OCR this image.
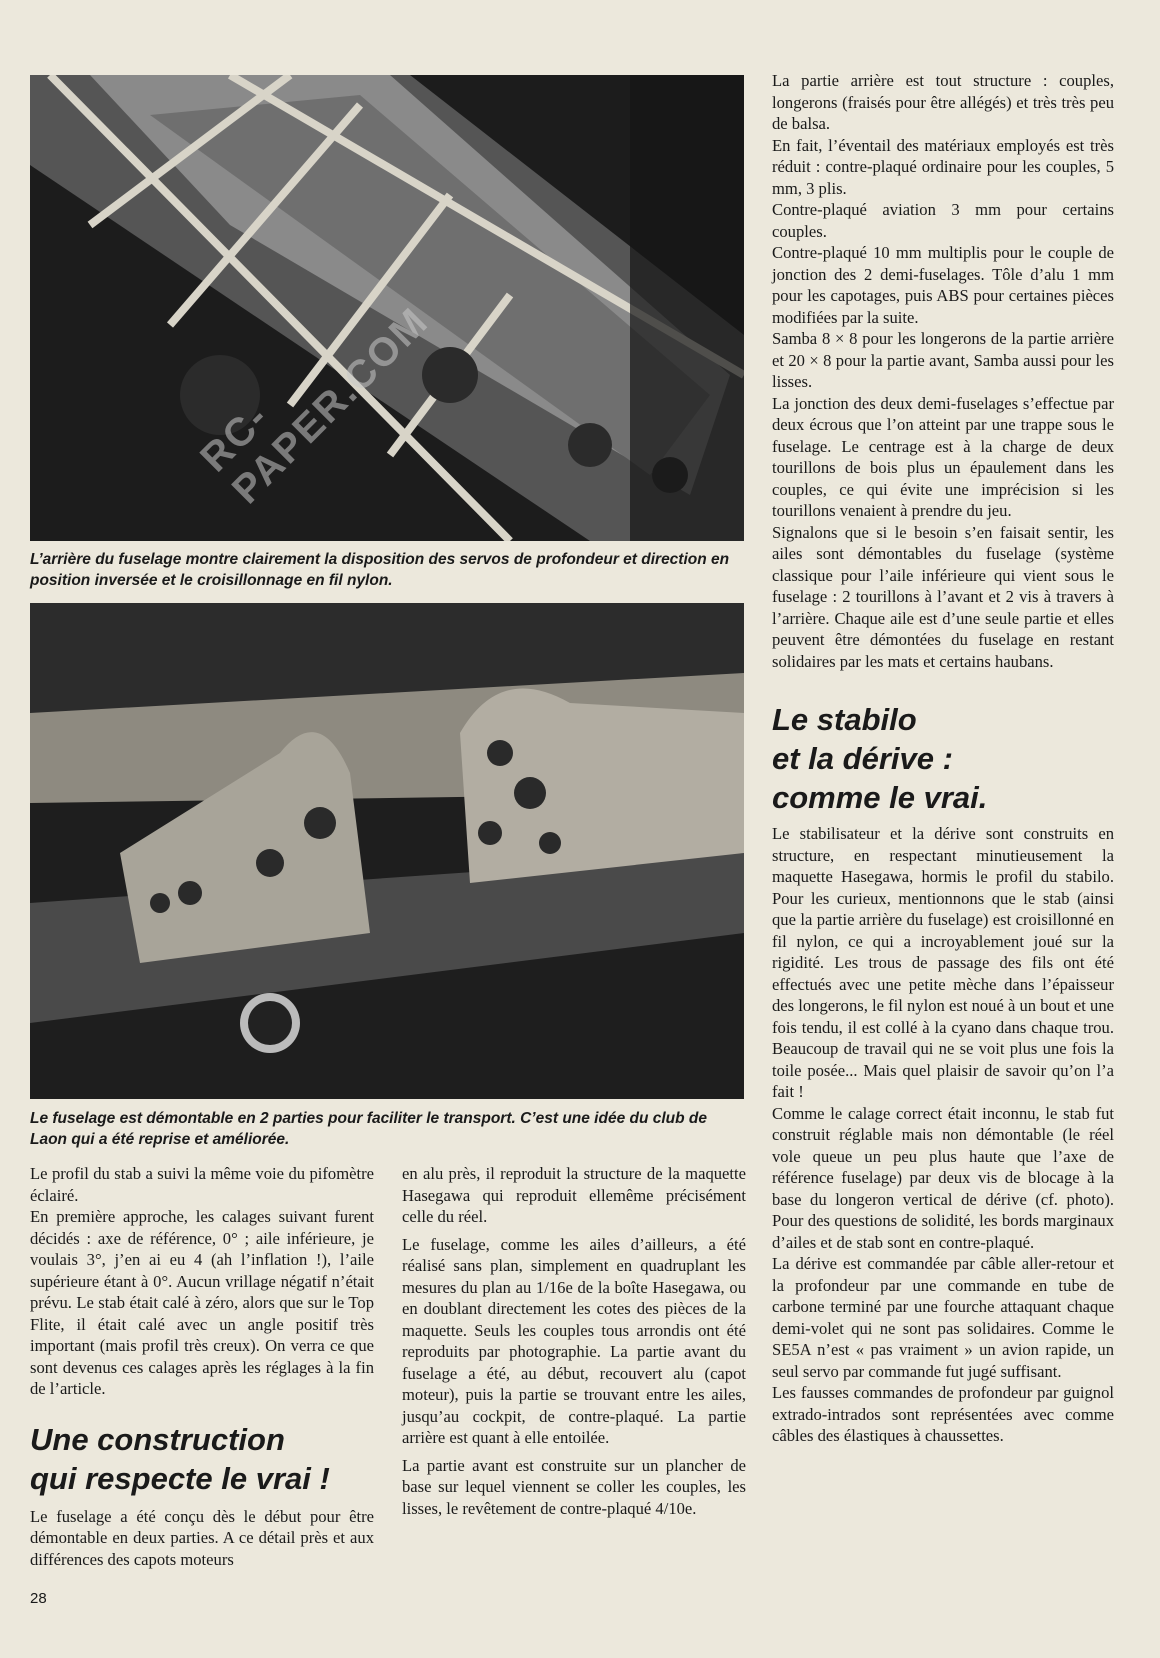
RC-PAPER.COM
L’arrière du fuselage montre clairement la disposition des servos de profondeur et direction en position inversée et le croisillonnage en fil nylon.
Le fuselage est démontable en 2 parties pour faciliter le transport. C’est une idée du club de Laon qui a été reprise et améliorée.

La partie arrière est tout structure : couples, longerons (fraisés pour être allégés) et très très peu de balsa.

En fait, l’éventail des matériaux employés est très réduit : contre-plaqué ordinaire pour les couples, 5 mm, 3 plis.

Contre-plaqué aviation 3 mm pour certains couples.

Contre-plaqué 10 mm multiplis pour le couple de jonction des 2 demi-fuselages. Tôle d’alu 1 mm pour les capotages, puis ABS pour certaines pièces modifiées par la suite.

Samba 8 × 8 pour les longerons de la partie arrière et 20 × 8 pour la partie avant, Samba aussi pour les lisses.

La jonction des deux demi-fuselages s’effectue par deux écrous que l’on atteint par une trappe sous le fuselage. Le centrage est à la charge de deux tourillons de bois plus un épaulement dans les couples, ce qui évite une imprécision si les tourillons venaient à prendre du jeu.

Signalons que si le besoin s’en faisait sentir, les ailes sont démontables du fuselage (système classique pour l’aile inférieure qui vient sous le fuselage : 2 tourillons à l’avant et 2 vis à travers à l’arrière. Chaque aile est d’une seule partie et elles peuvent être démontées du fuselage en restant solidaires par les mats et certains haubans.

Le stabilo
et la dérive :
comme le vrai.

Le stabilisateur et la dérive sont construits en structure, en respectant minutieusement la maquette Hasegawa, hormis le profil du stabilo. Pour les curieux, mentionnons que le stab (ainsi que la partie arrière du fuselage) est croisillonné en fil nylon, ce qui a incroyablement joué sur la rigidité. Les trous de passage des fils ont été effectués avec une petite mèche dans l’épaisseur des longerons, le fil nylon est noué à un bout et une fois tendu, il est collé à la cyano dans chaque trou. Beaucoup de travail qui ne se voit plus une fois la toile posée... Mais quel plaisir de savoir qu’on l’a fait !

Comme le calage correct était inconnu, le stab fut construit réglable mais non démontable (le réel vole queue un peu plus haute que l’axe de référence fuselage) par deux vis de blocage à la base du longeron vertical de dérive (cf. photo). Pour des questions de solidité, les bords marginaux d’ailes et de stab sont en contre-plaqué.

La dérive est commandée par câble aller-retour et la profondeur par une commande en tube de carbone terminé par une fourche attaquant chaque demi-volet qui ne sont pas solidaires. Comme le SE5A n’est « pas vraiment » un avion rapide, un seul servo par commande fut jugé suffisant.

Les fausses commandes de profondeur par guignol extrado-intrados sont représentées avec comme câbles des élastiques à chaussettes.

Le profil du stab a suivi la même voie du pifomètre éclairé.

En première approche, les calages suivant furent décidés : axe de référence, 0° ; aile inférieure, je voulais 3°, j’en ai eu 4 (ah l’inflation !), l’aile supérieure étant à 0°. Aucun vrillage négatif n’était prévu. Le stab était calé à zéro, alors que sur le Top Flite, il était calé avec un angle positif très important (mais profil très creux). On verra ce que sont devenus ces calages après les réglages à la fin de l’article.

Une construction
qui respecte le vrai !

Le fuselage a été conçu dès le début pour être démontable en deux parties. A ce détail près et aux différences des capots moteurs

en alu près, il reproduit la structure de la maquette Hasegawa qui reproduit ellemême précisément celle du réel.

Le fuselage, comme les ailes d’ailleurs, a été réalisé sans plan, simplement en quadruplant les mesures du plan au 1/16e de la boîte Hasegawa, ou en doublant directement les cotes des pièces de la maquette. Seuls les couples tous arrondis ont été reproduits par photographie. La partie avant du fuselage a été, au début, recouvert alu (capot moteur), puis la partie se trouvant entre les ailes, jusqu’au cockpit, de contre-plaqué. La partie arrière est quant à elle entoilée.

La partie avant est construite sur un plancher de base sur lequel viennent se coller les couples, les lisses, le revêtement de contre-plaqué 4/10e.

28
